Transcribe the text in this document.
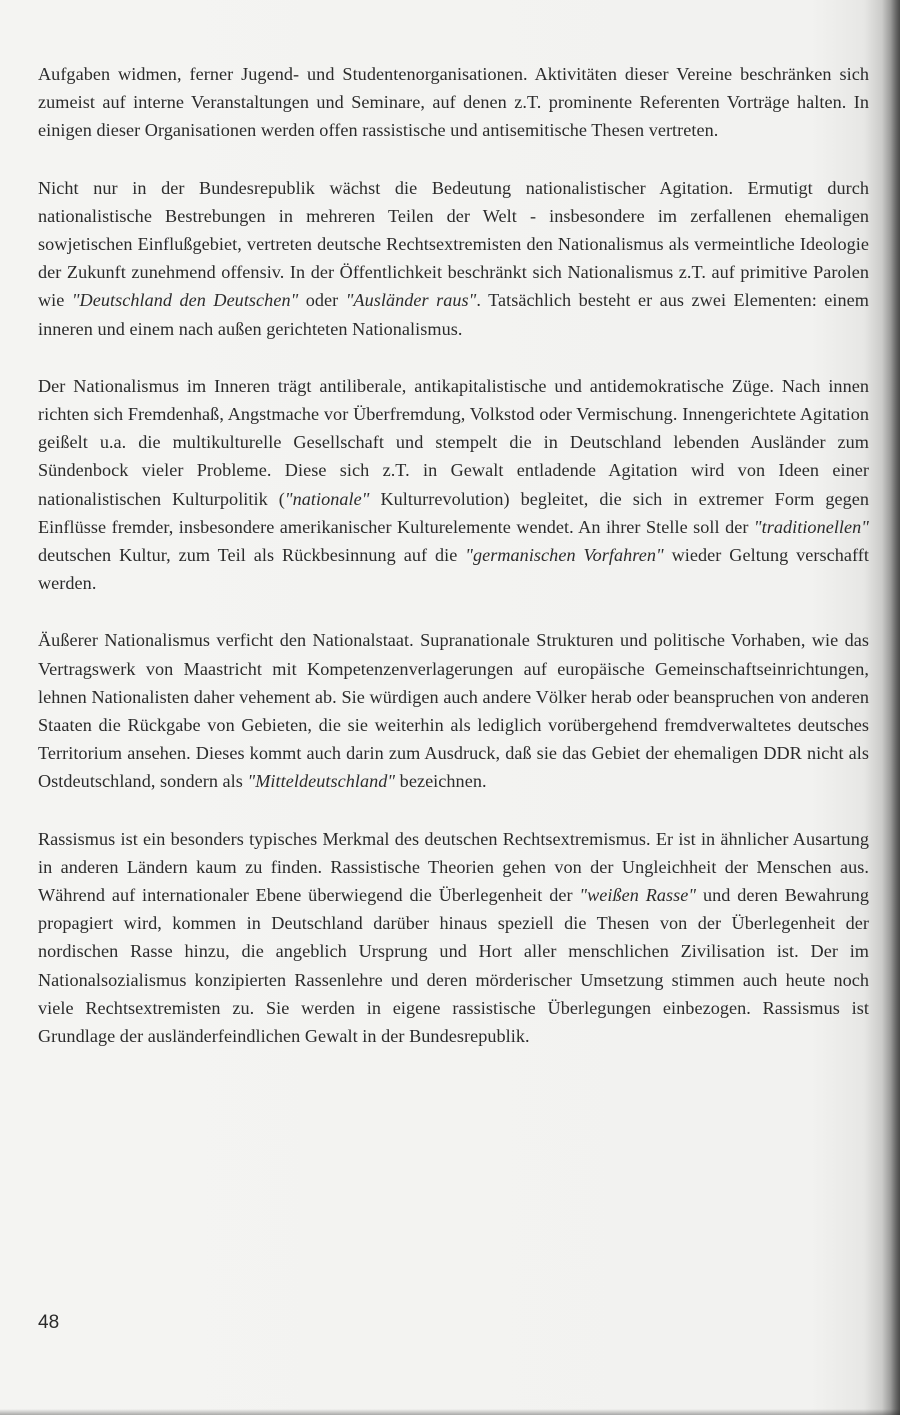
Aufgaben widmen, ferner Jugend- und Studentenorganisationen. Aktivitäten dieser Vereine beschränken sich zumeist auf interne Veranstaltungen und Seminare, auf denen z.T. prominente Referenten Vorträge halten. In einigen dieser Organisationen werden offen rassistische und antisemitische Thesen vertreten.

Nicht nur in der Bundesrepublik wächst die Bedeutung nationalistischer Agitation. Ermutigt durch nationalistische Bestrebungen in mehreren Teilen der Welt - insbesondere im zerfallenen ehemaligen sowjetischen Einflußgebiet, vertreten deutsche Rechtsextremisten den Nationalismus als vermeintliche Ideologie der Zukunft zunehmend offensiv. In der Öffentlichkeit beschränkt sich Nationalismus z.T. auf primitive Parolen wie "Deutschland den Deutschen" oder "Ausländer raus". Tatsächlich besteht er aus zwei Elementen: einem inneren und einem nach außen gerichteten Nationalismus.

Der Nationalismus im Inneren trägt antiliberale, antikapitalistische und antidemokratische Züge. Nach innen richten sich Fremdenhaß, Angstmache vor Überfremdung, Volkstod oder Vermischung. Innengerichtete Agitation geißelt u.a. die multikulturelle Gesellschaft und stempelt die in Deutschland lebenden Ausländer zum Sündenbock vieler Probleme. Diese sich z.T. in Gewalt entladende Agitation wird von Ideen einer nationalistischen Kulturpolitik ("nationale" Kulturrevolution) begleitet, die sich in extremer Form gegen Einflüsse fremder, insbesondere amerikanischer Kulturelemente wendet. An ihrer Stelle soll der "traditionellen" deutschen Kultur, zum Teil als Rückbesinnung auf die "germanischen Vorfahren" wieder Geltung verschafft werden.

Äußerer Nationalismus verficht den Nationalstaat. Supranationale Strukturen und politische Vorhaben, wie das Vertragswerk von Maastricht mit Kompetenzenverlagerungen auf europäische Gemeinschaftseinrichtungen, lehnen Nationalisten daher vehement ab. Sie würdigen auch andere Völker herab oder beanspruchen von anderen Staaten die Rückgabe von Gebieten, die sie weiterhin als lediglich vorübergehend fremdverwaltetes deutsches Territorium ansehen. Dieses kommt auch darin zum Ausdruck, daß sie das Gebiet der ehemaligen DDR nicht als Ostdeutschland, sondern als "Mitteldeutschland" bezeichnen.

Rassismus ist ein besonders typisches Merkmal des deutschen Rechtsextremismus. Er ist in ähnlicher Ausartung in anderen Ländern kaum zu finden. Rassistische Theorien gehen von der Ungleichheit der Menschen aus. Während auf internationaler Ebene überwiegend die Überlegenheit der "weißen Rasse" und deren Bewahrung propagiert wird, kommen in Deutschland darüber hinaus speziell die Thesen von der Überlegenheit der nordischen Rasse hinzu, die angeblich Ursprung und Hort aller menschlichen Zivilisation ist. Der im Nationalsozialismus konzipierten Rassenlehre und deren mörderischer Umsetzung stimmen auch heute noch viele Rechtsextremisten zu. Sie werden in eigene rassistische Überlegungen einbezogen. Rassismus ist Grundlage der ausländerfeindlichen Gewalt in der Bundesrepublik.

48
